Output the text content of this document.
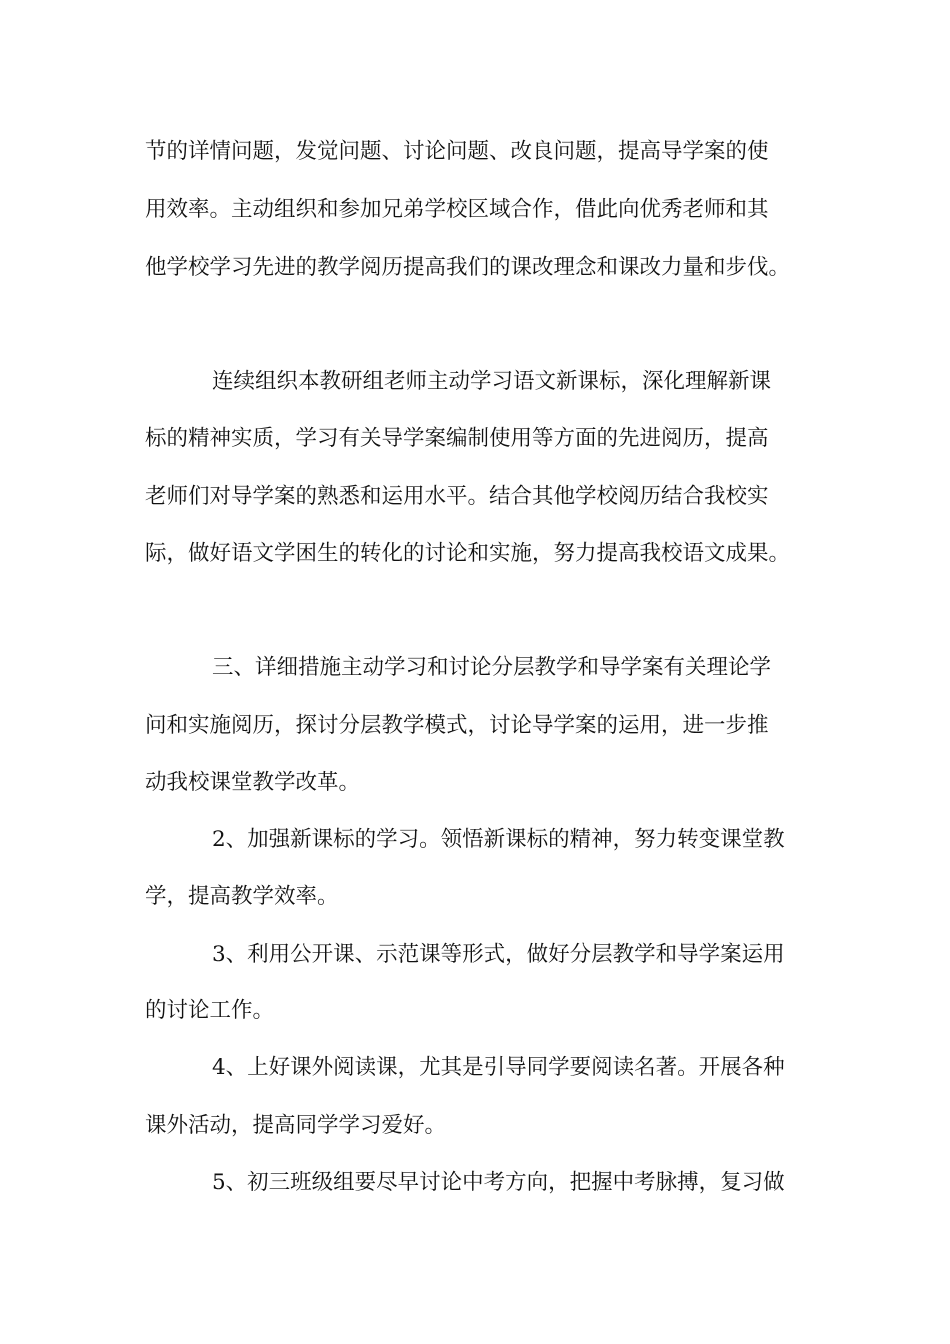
节的详情问题，发觉问题、讨论问题、改良问题，提高导学案的使
用效率。主动组织和参加兄弟学校区域合作，借此向优秀老师和其
他学校学习先进的教学阅历提高我们的课改理念和课改力量和步伐。
连续组织本教研组老师主动学习语文新课标，深化理解新课
标的精神实质，学习有关导学案编制使用等方面的先进阅历，提高
老师们对导学案的熟悉和运用水平。结合其他学校阅历结合我校实
际，做好语文学困生的转化的讨论和实施，努力提高我校语文成果。
三、详细措施主动学习和讨论分层教学和导学案有关理论学
问和实施阅历，探讨分层教学模式，讨论导学案的运用，进一步推
动我校课堂教学改革。
2、加强新课标的学习。领悟新课标的精神，努力转变课堂教
学，提高教学效率。
3、利用公开课、示范课等形式，做好分层教学和导学案运用
的讨论工作。
4、上好课外阅读课，尤其是引导同学要阅读名著。开展各种
课外活动，提高同学学习爱好。
5、初三班级组要尽早讨论中考方向，把握中考脉搏，复习做
